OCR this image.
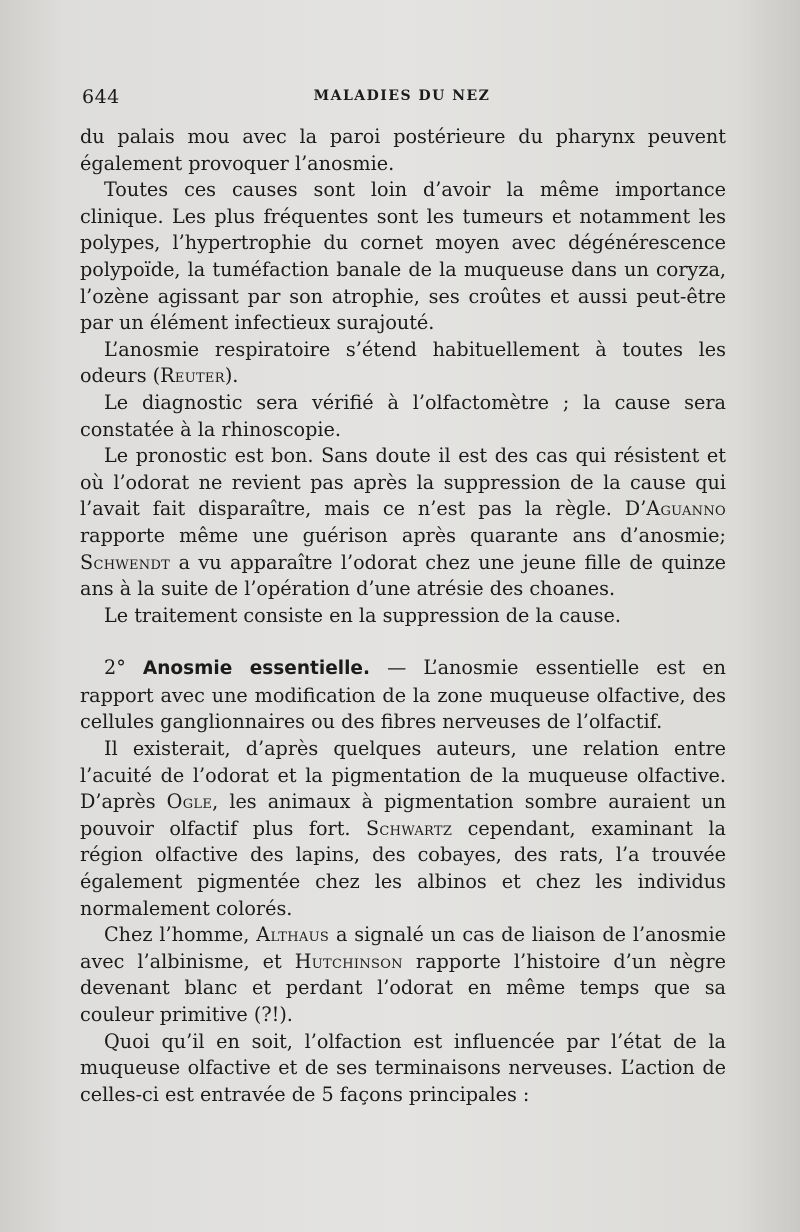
644	MALADIES DU NEZ

du palais mou avec la paroi postérieure du pharynx peuvent également provoquer l’anosmie.

Toutes ces causes sont loin d’avoir la même importance clinique. Les plus fréquentes sont les tumeurs et notamment les polypes, l’hypertrophie du cornet moyen avec dégénérescence polypoïde, la tuméfaction banale de la muqueuse dans un coryza, l’ozène agissant par son atrophie, ses croûtes et aussi peut-être par un élément infectieux surajouté.

L’anosmie respiratoire s’étend habituellement à toutes les odeurs (Reuter).

Le diagnostic sera vérifié à l’olfactomètre ; la cause sera constatée à la rhinoscopie.

Le pronostic est bon. Sans doute il est des cas qui résistent et où l’odorat ne revient pas après la suppression de la cause qui l’avait fait disparaître, mais ce n’est pas la règle. D’Aguanno rapporte même une guérison après quarante ans d’anosmie; Schwendt a vu apparaître l’odorat chez une jeune fille de quinze ans à la suite de l’opération d’une atrésie des choanes.

Le traitement consiste en la suppression de la cause.

2° Anosmie essentielle. — L’anosmie essentielle est en rapport avec une modification de la zone muqueuse olfactive, des cellules ganglionnaires ou des fibres nerveuses de l’olfactif.

Il existerait, d’après quelques auteurs, une relation entre l’acuité de l’odorat et la pigmentation de la muqueuse olfactive. D’après Ogle, les animaux à pigmentation sombre auraient un pouvoir olfactif plus fort. Schwartz cependant, examinant la région olfactive des lapins, des cobayes, des rats, l’a trouvée également pigmentée chez les albinos et chez les individus normalement colorés.

Chez l’homme, Althaus a signalé un cas de liaison de l’anosmie avec l’albinisme, et Hutchinson rapporte l’histoire d’un nègre devenant blanc et perdant l’odorat en même temps que sa couleur primitive (?!).

Quoi qu’il en soit, l’olfaction est influencée par l’état de la muqueuse olfactive et de ses terminaisons nerveuses. L’action de celles-ci est entravée de 5 façons principales :
